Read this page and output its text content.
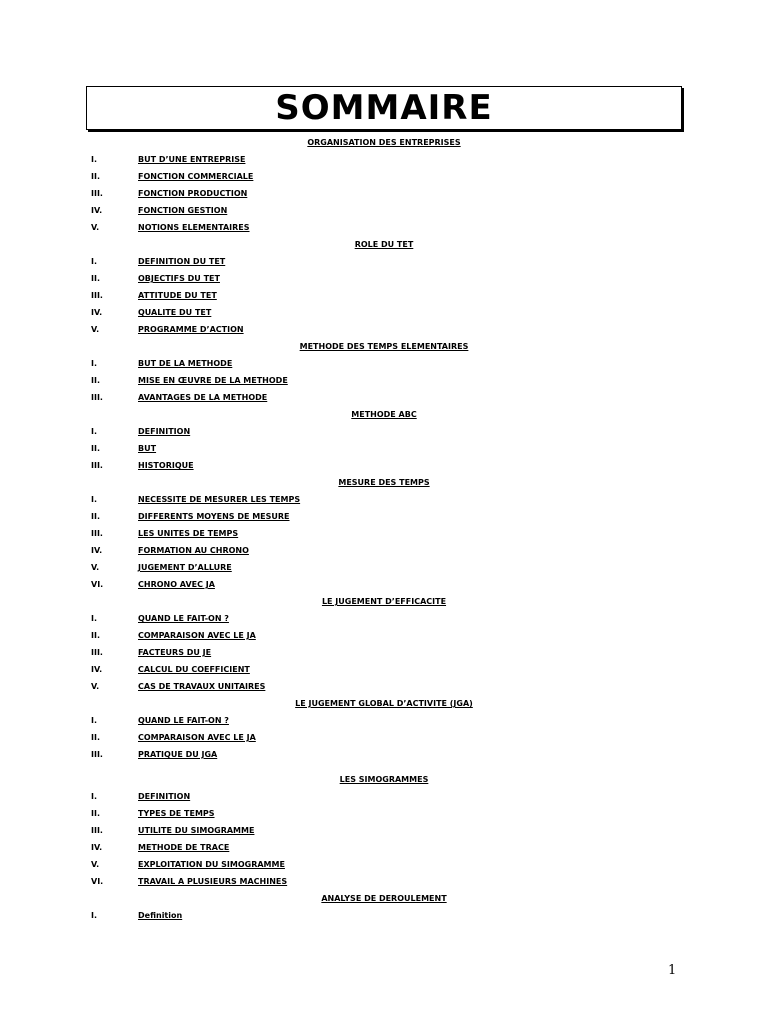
SOMMAIRE
ORGANISATION DES ENTREPRISES
I.	BUT D’UNE ENTREPRISE
II.	FONCTION COMMERCIALE
III.	FONCTION PRODUCTION
IV.	FONCTION GESTION
V.	NOTIONS ELEMENTAIRES
ROLE DU TET
I.	DEFINITION DU TET
II.	OBJECTIFS DU TET
III.	ATTITUDE DU TET
IV.	QUALITE DU TET
V.	PROGRAMME D’ACTION
METHODE DES TEMPS ELEMENTAIRES
I.	BUT DE LA METHODE
II.	MISE EN ŒUVRE DE LA METHODE
III.	AVANTAGES DE LA METHODE
METHODE ABC
I.	DEFINITION
II.	BUT
III.	HISTORIQUE
MESURE DES TEMPS
I.	NECESSITE DE MESURER LES TEMPS
II.	DIFFERENTS MOYENS DE MESURE
III.	LES UNITES DE TEMPS
IV.	FORMATION AU CHRONO
V.	JUGEMENT D’ALLURE
VI.	CHRONO AVEC JA
LE JUGEMENT D’EFFICACITE
I.	QUAND LE FAIT-ON ?
II.	COMPARAISON AVEC LE JA
III.	FACTEURS DU JE
IV.	CALCUL DU COEFFICIENT
V.	CAS DE TRAVAUX UNITAIRES
LE JUGEMENT GLOBAL D’ACTIVITE (JGA)
I.	QUAND LE FAIT-ON ?
II.	COMPARAISON AVEC LE JA
III.	PRATIQUE DU JGA
LES SIMOGRAMMES
I.	DEFINITION
II.	TYPES DE TEMPS
III.	UTILITE DU SIMOGRAMME
IV.	METHODE DE TRACE
V.	EXPLOITATION DU SIMOGRAMME
VI.	TRAVAIL A PLUSIEURS MACHINES
ANALYSE DE DEROULEMENT
I.	Definition
1
